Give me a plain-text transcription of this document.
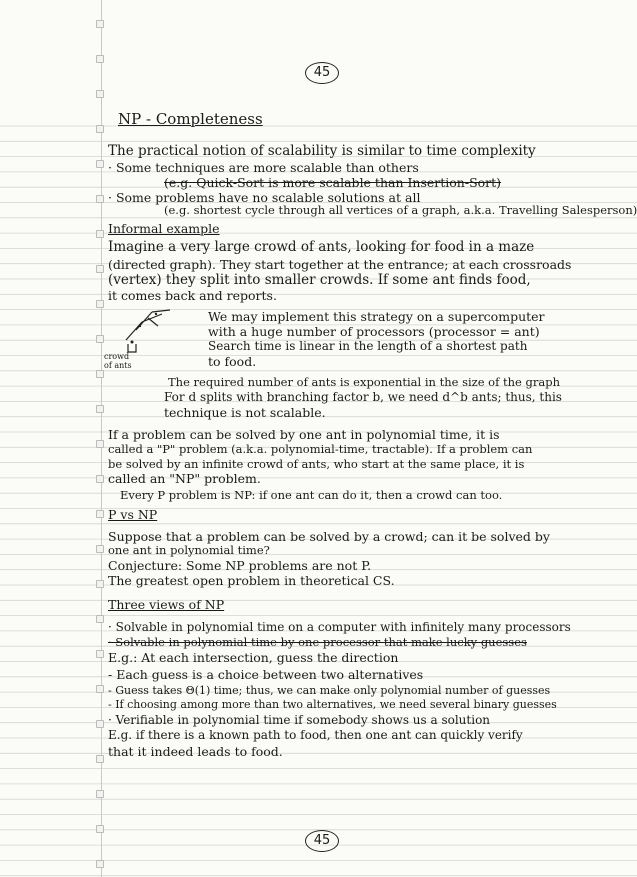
45
NP - Completeness
The practical notion of scalability is similar to time complexity
· Some techniques are more scalable than others
(e.g. Quick-Sort is more scalable than Insertion-Sort)
· Some problems have no scalable solutions at all
(e.g. shortest cycle through all vertices of a graph, a.k.a. Travelling Salesperson)
Informal example
Imagine a very large crowd of ants, looking for food in a maze
(directed graph). They start together at the entrance; at each crossroads
(vertex) they split into smaller crowds. If some ant finds food,
it comes back and reports.
crowd
of ants
We may implement this strategy on a supercomputer
with a huge number of processors (processor = ant)
Search time is linear in the length of a shortest path
to food.
The required number of ants is exponential in the size of the graph
For d splits with branching factor b, we need d^b ants; thus, this
technique is not scalable.
If a problem can be solved by one ant in polynomial time, it is
called a "P" problem (a.k.a. polynomial-time, tractable). If a problem can
be solved by an infinite crowd of ants, who start at the same place, it is
called an "NP" problem.
Every P problem is NP: if one ant can do it, then a crowd can too.
P vs NP
Suppose that a problem can be solved by a crowd; can it be solved by
one ant in polynomial time?
Conjecture: Some NP problems are not P.
The greatest open problem in theoretical CS.
Three views of NP
· Solvable in polynomial time on a computer with infinitely many processors
· Solvable in polynomial time by one processor that make lucky guesses
E.g.: At each intersection, guess the direction
- Each guess is a choice between two alternatives
- Guess takes Θ(1) time; thus, we can make only polynomial number of guesses
- If choosing among more than two alternatives, we need several binary guesses
· Verifiable in polynomial time if somebody shows us a solution
E.g. if there is a known path to food, then one ant can quickly verify
that it indeed leads to food.
45
